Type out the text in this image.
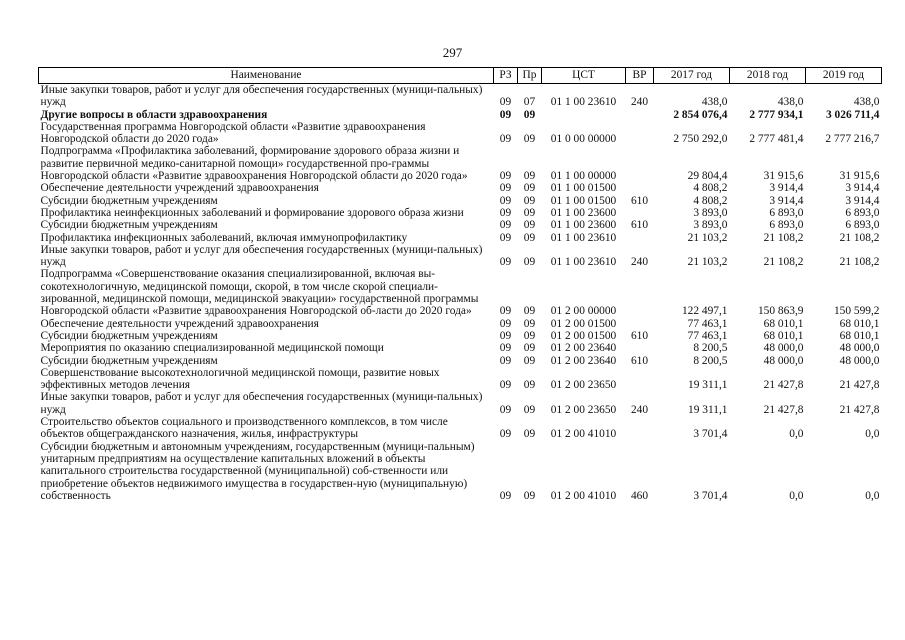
297
Наименование	РЗ	Пр	ЦСТ	ВР	2017 год	2018 год	2019 год
Иные закупки товаров, работ и услуг для обеспечения государственных (муници-пальных) нужд	09	07	01 1 00 23610	240	438,0	438,0	438,0
Другие вопросы в области здравоохранения	09	09			2 854 076,4	2 777 934,1	3 026 711,4
Государственная программа Новгородской области «Развитие здравоохранения Новгородской области до 2020 года»	09	09	01 0 00 00000		2 750 292,0	2 777 481,4	2 777 216,7
Подпрограмма «Профилактика заболеваний, формирование здорового образа жизни и развитие первичной медико-санитарной помощи» государственной про-граммы Новгородской области «Развитие здравоохранения Новгородской области до 2020 года»	09	09	01 1 00 00000		29 804,4	31 915,6	31 915,6
Обеспечение деятельности учреждений здравоохранения	09	09	01 1 00 01500		4 808,2	3 914,4	3 914,4
Субсидии бюджетным учреждениям	09	09	01 1 00 01500	610	4 808,2	3 914,4	3 914,4
Профилактика неинфекционных заболеваний и формирование здорового образа жизни	09	09	01 1 00 23600		3 893,0	6 893,0	6 893,0
Субсидии бюджетным учреждениям	09	09	01 1 00 23600	610	3 893,0	6 893,0	6 893,0
Профилактика инфекционных заболеваний, включая иммунопрофилактику	09	09	01 1 00 23610		21 103,2	21 108,2	21 108,2
Иные закупки товаров, работ и услуг для обеспечения государственных (муници-пальных) нужд	09	09	01 1 00 23610	240	21 103,2	21 108,2	21 108,2
Подпрограмма «Совершенствование оказания специализированной, включая вы-сокотехнологичную, медицинской помощи, скорой, в том числе скорой специали-зированной, медицинской помощи, медицинской эвакуации» государственной программы Новгородской области «Развитие здравоохранения Новгородской об-ласти до 2020 года»	09	09	01 2 00 00000		122 497,1	150 863,9	150 599,2
Обеспечение деятельности учреждений здравоохранения	09	09	01 2 00 01500		77 463,1	68 010,1	68 010,1
Субсидии бюджетным учреждениям	09	09	01 2 00 01500	610	77 463,1	68 010,1	68 010,1
Мероприятия по оказанию специализированной медицинской помощи	09	09	01 2 00 23640		8 200,5	48 000,0	48 000,0
Субсидии бюджетным учреждениям	09	09	01 2 00 23640	610	8 200,5	48 000,0	48 000,0
Совершенствование высокотехнологичной медицинской помощи, развитие новых эффективных методов лечения	09	09	01 2 00 23650		19 311,1	21 427,8	21 427,8
Иные закупки товаров, работ и услуг для обеспечения государственных (муници-пальных) нужд	09	09	01 2 00 23650	240	19 311,1	21 427,8	21 427,8
Строительство объектов социального и производственного комплексов, в том числе объектов общегражданского назначения, жилья, инфраструктуры	09	09	01 2 00 41010		3 701,4	0,0	0,0
Субсидии бюджетным и автономным учреждениям, государственным (муници-пальным) унитарным предприятиям на осуществление капитальных вложений в объекты капитального строительства государственной (муниципальной) соб-ственности или приобретение объектов недвижимого имущества в государствен-ную (муниципальную) собственность	09	09	01 2 00 41010	460	3 701,4	0,0	0,0
